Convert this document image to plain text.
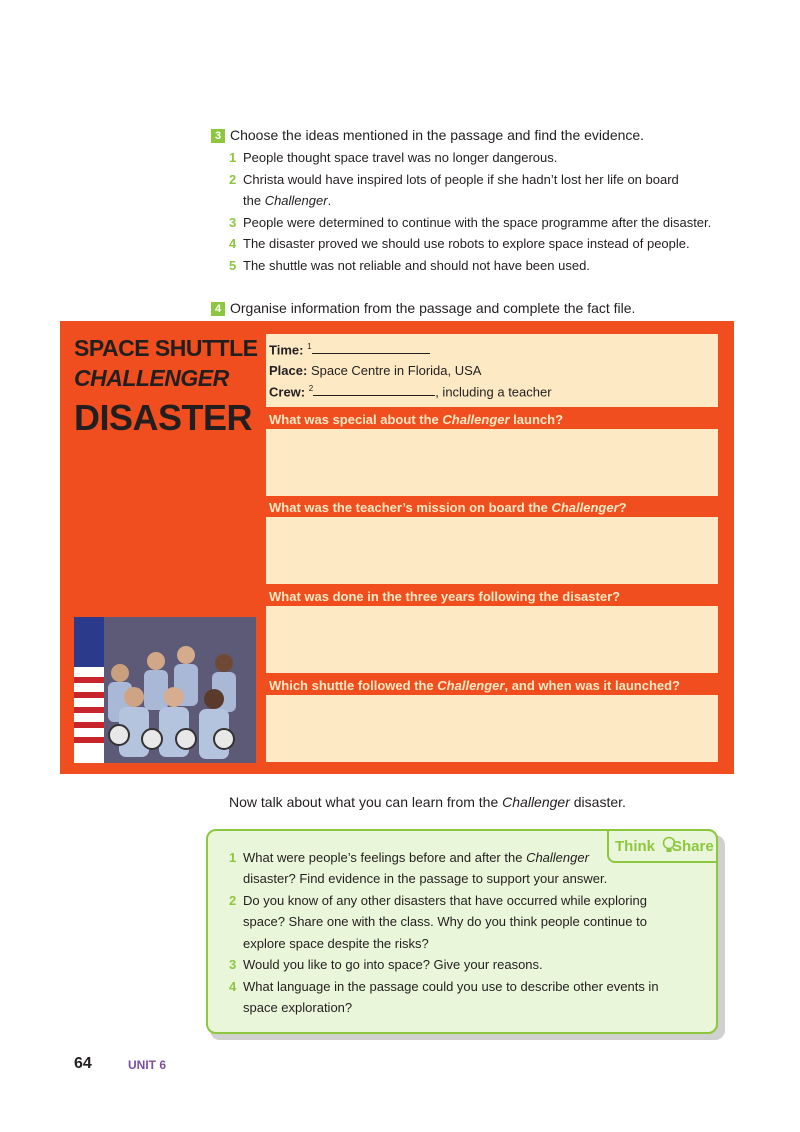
3 Choose the ideas mentioned in the passage and find the evidence.
1 People thought space travel was no longer dangerous.
2 Christa would have inspired lots of people if she hadn’t lost her life on board
the Challenger.
3 People were determined to continue with the space programme after the disaster.
4 The disaster proved we should use robots to explore space instead of people.
5 The shuttle was not reliable and should not have been used.
4 Organise information from the passage and complete the fact file.
SPACE SHUTTLE
CHALLENGER
DISASTER
Time: $^1$
Place: Space Centre in Florida, USA
Crew: $^2$	, including a teacher
What was special about the Challenger launch?
What was the teacher’s mission on board the Challenger?
What was done in the three years following the disaster?
Which shuttle followed the Challenger, and when was it launched?
Now talk about what you can learn from the Challenger disaster.
Think Share
1 What were people’s feelings before and after the Challenger
disaster? Find evidence in the passage to support your answer.
2 Do you know of any other disasters that have occurred while exploring
space? Share one with the class. Why do you think people continue to
explore space despite the risks?
3 Would you like to go into space? Give your reasons.
4 What language in the passage could you use to describe other events in
space exploration?
64	UNIT 6
